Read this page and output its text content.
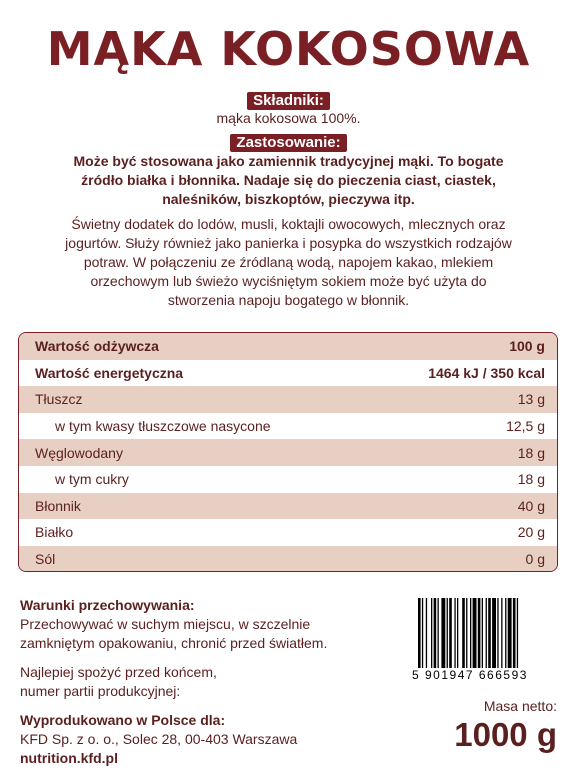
MĄKA KOKOSOWA
Składniki:
mąka kokosowa 100%.
Zastosowanie:
Może być stosowana jako zamiennik tradycyjnej mąki. To bogate
źródło białka i błonnika. Nadaje się do pieczenia ciast, ciastek,
naleśników, biszkoptów, pieczywa itp.
Świetny dodatek do lodów, musli, koktajli owocowych, mlecznych oraz
jogurtów. Służy również jako panierka i posypka do wszystkich rodzajów
potraw. W połączeniu ze źródlaną wodą, napojem kakao, mlekiem
orzechowym lub świeżo wyciśniętym sokiem może być użyta do
stworzenia napoju bogatego w błonnik.
Wartość odżywcza	100 g
Wartość energetyczna	1464 kJ / 350 kcal
Tłuszcz	13 g
w tym kwasy tłuszczowe nasycone	12,5 g
Węglowodany	18 g
w tym cukry	18 g
Błonnik	40 g
Białko	20 g
Sól	0 g
Warunki przechowywania:
Przechowywać w suchym miejscu, w szczelnie
zamkniętym opakowaniu, chronić przed światłem.
Najlepiej spożyć przed końcem,
numer partii produkcyjnej:
Wyprodukowano w Polsce dla:
KFD Sp. z o. o., Solec 28, 00-403 Warszawa
nutrition.kfd.pl
5 901947 666593
Masa netto:
1000 g
